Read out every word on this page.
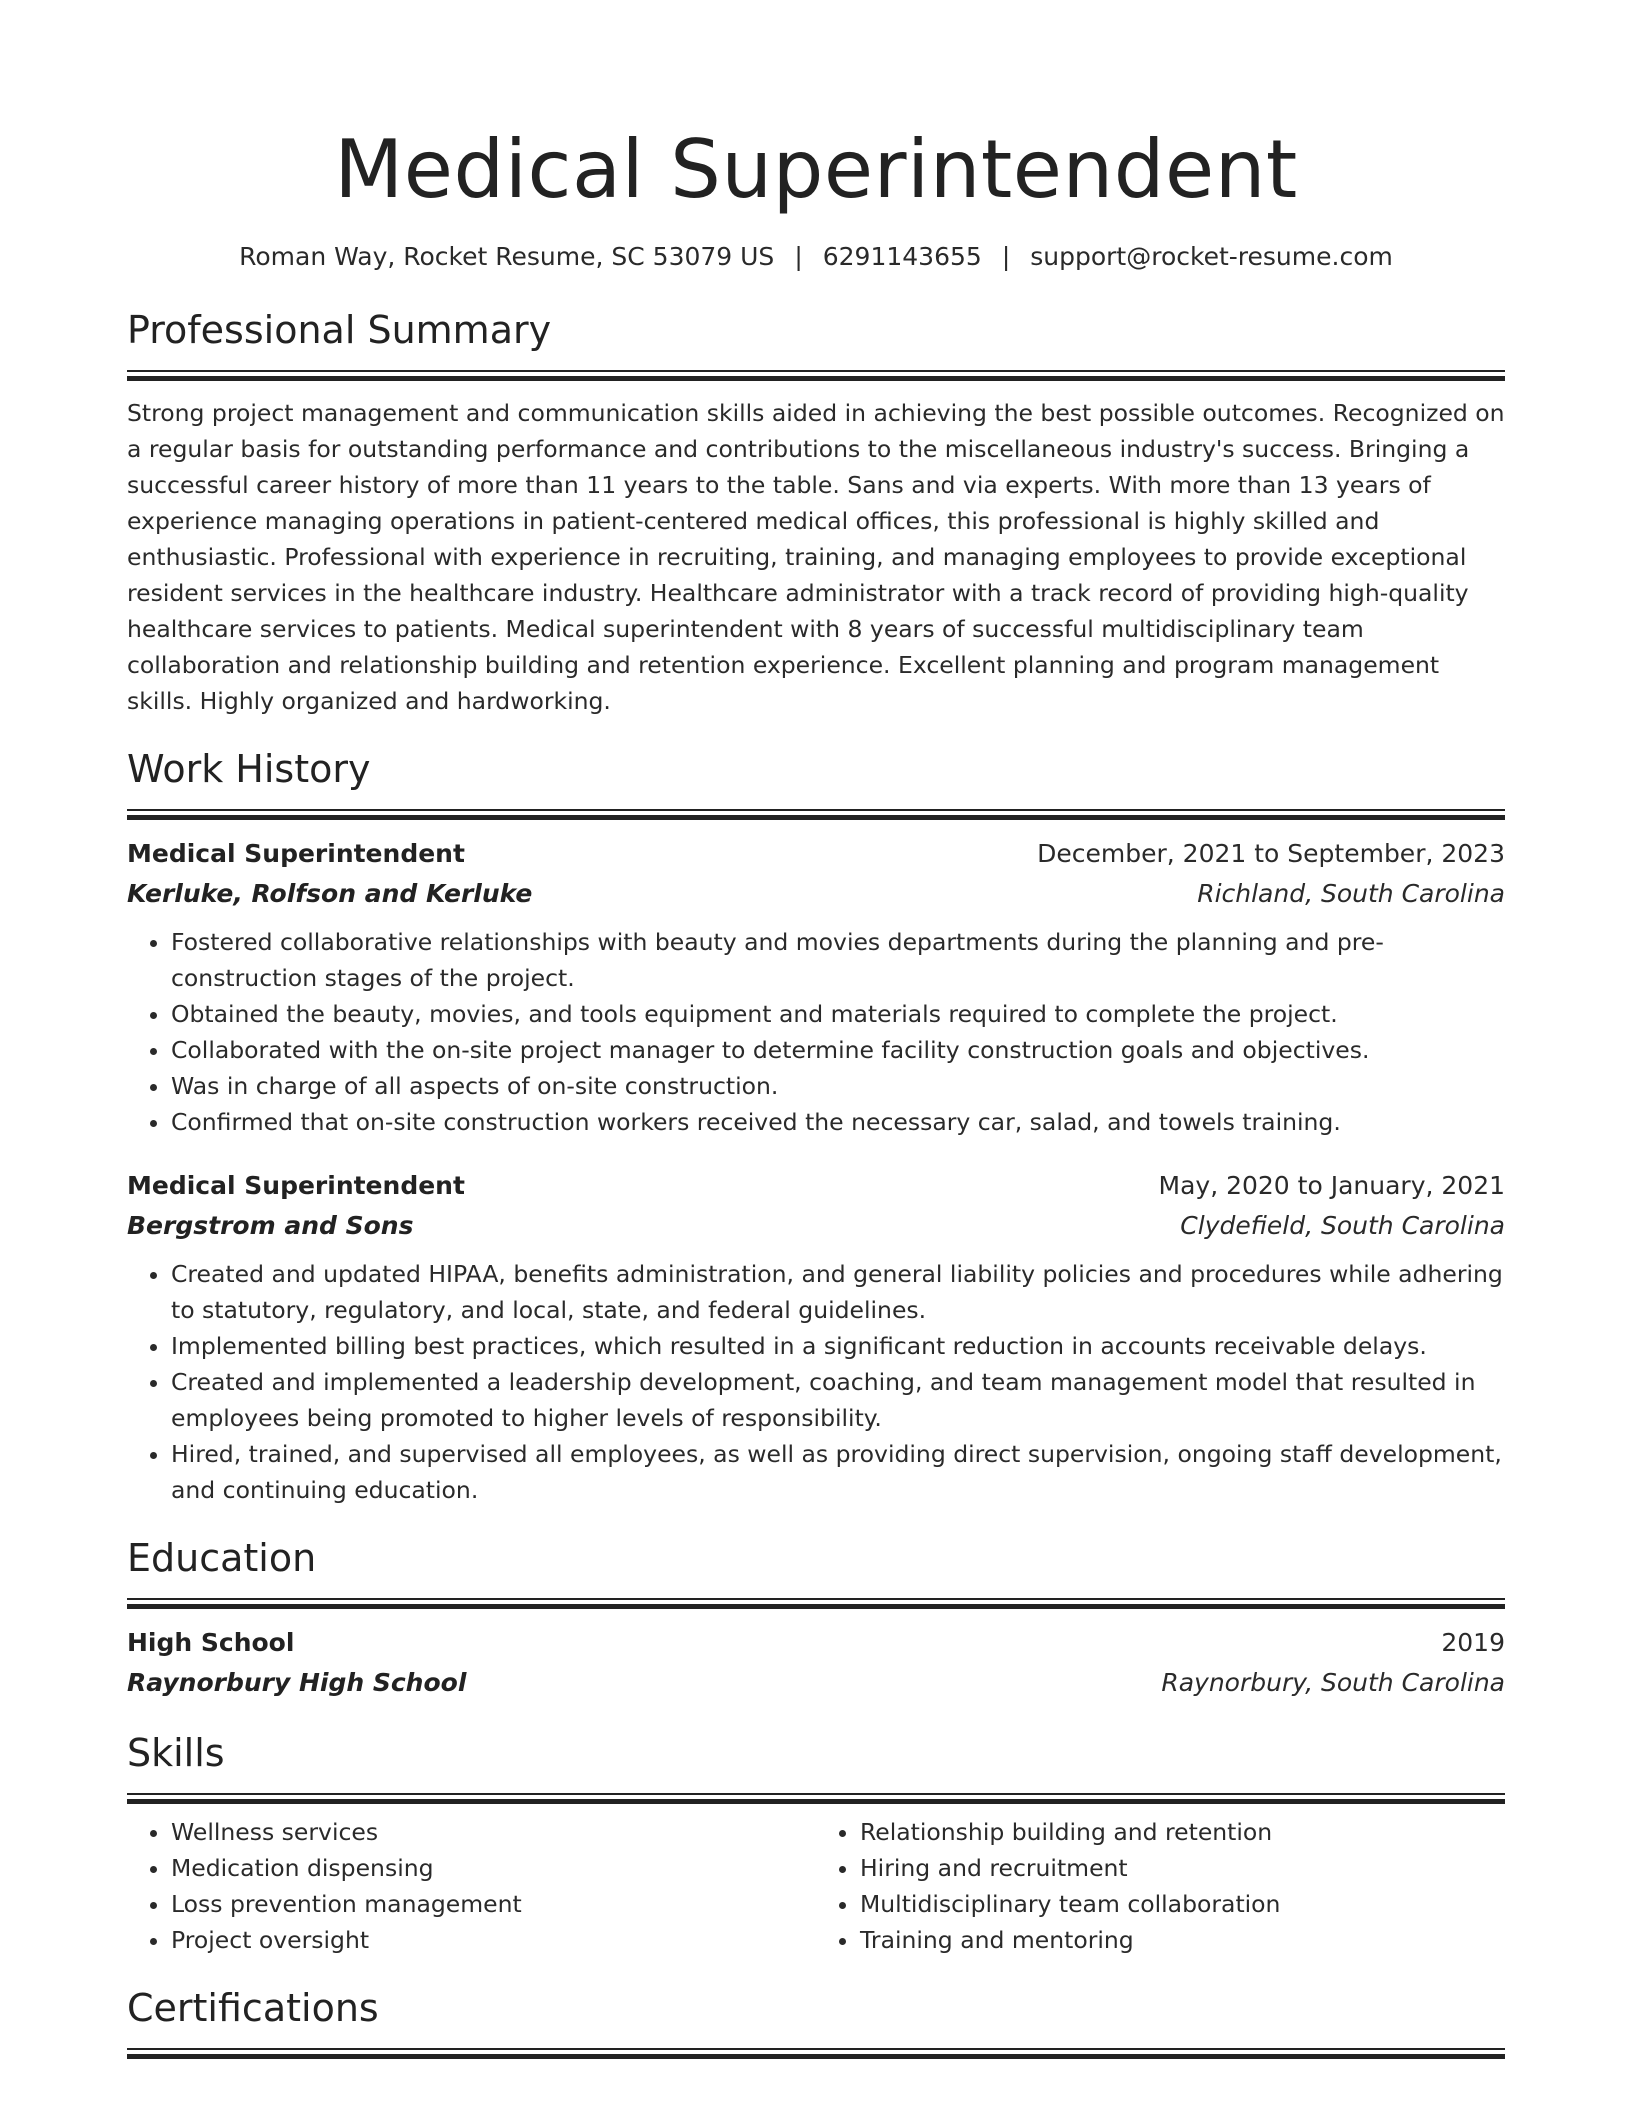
Medical Superintendent
Roman Way, Rocket Resume, SC 53079 US | 6291143655 | support@rocket-resume.com
Professional Summary
Strong project management and communication skills aided in achieving the best possible outcomes. Recognized on a regular basis for outstanding performance and contributions to the miscellaneous industry's success. Bringing a successful career history of more than 11 years to the table. Sans and via experts. With more than 13 years of experience managing operations in patient-centered medical offices, this professional is highly skilled and enthusiastic. Professional with experience in recruiting, training, and managing employees to provide exceptional resident services in the healthcare industry. Healthcare administrator with a track record of providing high-quality healthcare services to patients. Medical superintendent with 8 years of successful multidisciplinary team collaboration and relationship building and retention experience. Excellent planning and program management skills. Highly organized and hardworking.
Work History
Medical Superintendent	December, 2021 to September, 2023
Kerluke, Rolfson and Kerluke	Richland, South Carolina
• Fostered collaborative relationships with beauty and movies departments during the planning and pre-construction stages of the project.
• Obtained the beauty, movies, and tools equipment and materials required to complete the project.
• Collaborated with the on-site project manager to determine facility construction goals and objectives.
• Was in charge of all aspects of on-site construction.
• Confirmed that on-site construction workers received the necessary car, salad, and towels training.
Medical Superintendent	May, 2020 to January, 2021
Bergstrom and Sons	Clydefield, South Carolina
• Created and updated HIPAA, benefits administration, and general liability policies and procedures while adhering to statutory, regulatory, and local, state, and federal guidelines.
• Implemented billing best practices, which resulted in a significant reduction in accounts receivable delays.
• Created and implemented a leadership development, coaching, and team management model that resulted in employees being promoted to higher levels of responsibility.
• Hired, trained, and supervised all employees, as well as providing direct supervision, ongoing staff development, and continuing education.
Education
High School	2019
Raynorbury High School	Raynorbury, South Carolina
Skills
• Wellness services
• Medication dispensing
• Loss prevention management
• Project oversight
• Relationship building and retention
• Hiring and recruitment
• Multidisciplinary team collaboration
• Training and mentoring
Certifications
